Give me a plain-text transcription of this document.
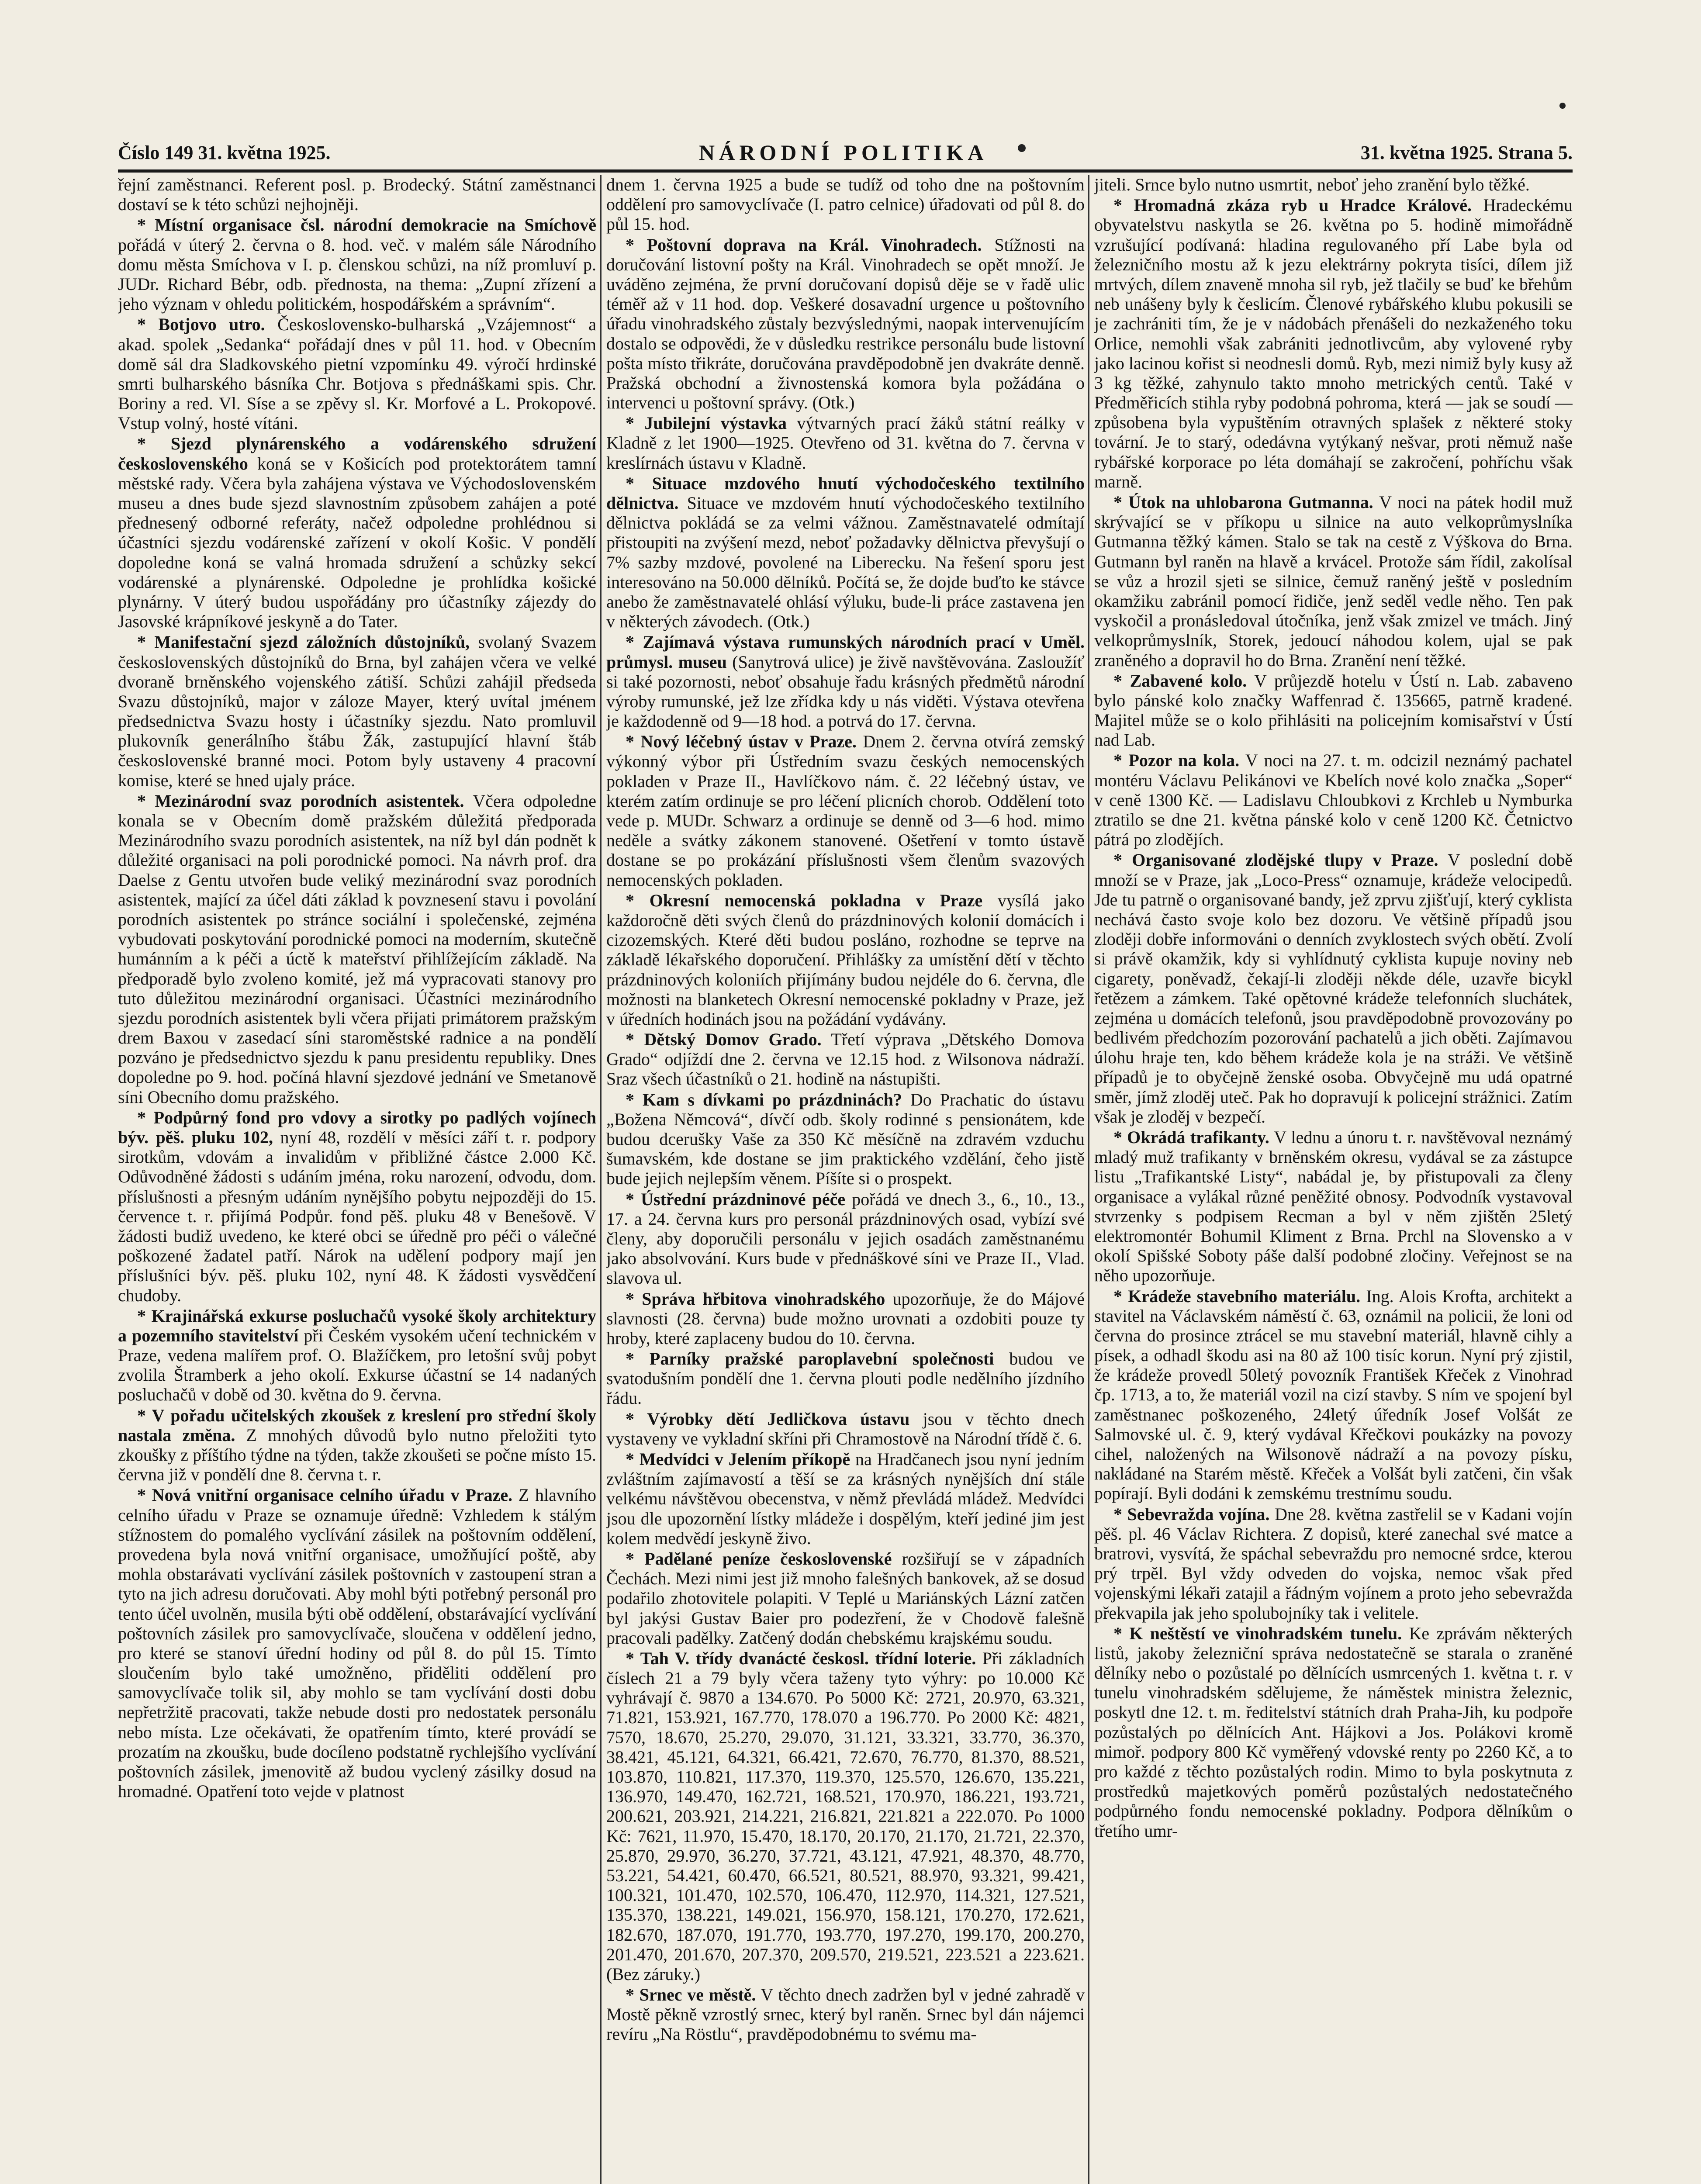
Číslo 149 31. května 1925.	NÁRODNÍ POLITIKA	31. května 1925. Strana 5.

řejní zaměstnanci. Referent posl. p. Brodecký. Státní zaměstnanci dostaví se k této schůzi nejhojněji.

* Místní organisace čsl. národní demokracie na Smíchově pořádá v úterý 2. června o 8. hod. več. v malém sále Národního domu města Smíchova v I. p. členskou schůzi, na níž promluví p. JUDr. Richard Bébr, odb. přednosta, na thema: „Zupní zřízení a jeho význam v ohledu politickém, hospodářském a správním“.

* Botjovo utro. Československo-bulharská „Vzájemnost“ a akad. spolek „Sedanka“ pořádají dnes v půl 11. hod. v Obecním domě sál dra Sladkovského pietní vzpomínku 49. výročí hrdinské smrti bulharského básníka Chr. Botjova s přednáškami spis. Chr. Boriny a red. Vl. Sísе a se zpěvy sl. Kr. Morfové a L. Prokopové. Vstup volný, hosté vítáni.

* Sjezd plynárenského a vodárenského sdružení československého koná se v Košicích pod protektorátem tamní městské rady. Včera byla zahájena výstava ve Východoslovenském museu a dnes bude sjezd slavnostním způsobem zahájen a poté přednesený odborné referáty, načež odpoledne prohlédnou si účastníci sjezdu vodárenské zařízení v okolí Košic. V pondělí dopoledne koná se valná hromada sdružení a schůzky sekcí vodárenské a plynárenské. Odpoledne je prohlídka košické plynárny. V úterý budou uspořádány pro účastníky zájezdy do Jasovské krápníkové jeskyně a do Tater.

* Manifestační sjezd záložních důstojníků, svolaný Svazem československých důstojníků do Brna, byl zahájen včera ve velké dvoraně brněnského vojenského zátiší. Schůzi zahájil předseda Svazu důstojníků, major v záloze Mayer, který uvítal jménem předsednictva Svazu hosty i účastníky sjezdu. Nato promluvil plukovník generálního štábu Žák, zastupující hlavní štáb československé branné moci. Potom byly ustaveny 4 pracovní komise, které se hned ujaly práce.

* Mezinárodní svaz porodních asistentek. Včera odpoledne konala se v Obecním domě pražském důležitá předporada Mezinárodního svazu porodních asistentek, na níž byl dán podnět k důležité organisaci na poli porodnické pomoci. Na návrh prof. dra Daelse z Gentu utvořen bude veliký mezinárodní svaz porodních asistentek, mající za účel dáti základ k povznesení stavu i povolání porodních asistentek po stránce sociální i společenské, zejména vybudovati poskytování porodnické pomoci na moderním, skutečně humánním a k péči a úctě k mateřství přihlížejícím základě. Na předporadě bylo zvoleno komité, jež má vypracovati stanovy pro tuto důležitou mezinárodní organisaci. Účastníci mezinárodního sjezdu porodních asistentek byli včera přijati primátorem pražským drem Baxou v zasedací síni staroměstské radnice a na pondělí pozváno je předsednictvo sjezdu k panu presidentu republiky. Dnes dopoledne po 9. hod. počíná hlavní sjezdové jednání ve Smetanově síni Obecního domu pražského.

* Podpůrný fond pro vdovy a sirotky po padlých vojínech býv. pěš. pluku 102, nyní 48, rozdělí v měsíci září t. r. podpory sirotkům, vdovám a invalidům v přibližné částce 2.000 Kč. Odůvodněné žádosti s udáním jména, roku narození, odvodu, dom. příslušnosti a přesným udáním nynějšího pobytu nejpozději do 15. července t. r. přijímá Podpůr. fond pěš. pluku 48 v Benešově. V žádosti budiž uvedeno, ke které obci se úředně pro péči o válečné poškozené žadatel patří. Nárok na udělení podpory mají jen příslušníci býv. pěš. pluku 102, nyní 48. K žádosti vysvědčení chudoby.

* Krajinářská exkurse posluchačů vysoké školy architektury a pozemního stavitelství při Českém vysokém učení technickém v Praze, vedena malířem prof. O. Blažíčkem, pro letošní svůj pobyt zvolila Štramberk a jeho okolí. Exkurse účastní se 14 nadaných posluchačů v době od 30. května do 9. června.

* V pořadu učitelských zkoušek z kreslení pro střední školy nastala změna. Z mnohých důvodů bylo nutno přeložiti tyto zkoušky z příštího týdne na týden, takže zkoušeti se počne místo 15. června již v pondělí dne 8. června t. r.

* Nová vnitřní organisace celního úřadu v Praze. Z hlavního celního úřadu v Praze se oznamuje úředně: Vzhledem k stálým stížnostem do pomalého vyclívání zásilek na poštovním oddělení, provedena byla nová vnitřní organisace, umožňující poště, aby mohla obstarávati vyclívání zásilek poštovních v zastoupení stran a tyto na jich adresu doručovati. Aby mohl býti potřebný personál pro tento účel uvolněn, musila býti obě oddělení, obstarávající vyclívání poštovních zásilek pro samovyclívače, sloučena v oddělení jedno, pro které se stanoví úřední hodiny od půl 8. do půl 15. Tímto sloučením bylo také umožněno, přiděliti oddělení pro samovyclívače tolik sil, aby mohlo se tam vyclívání dosti dobu nepřetržitě pracovati, takže nebude dosti pro nedostatek personálu nebo místa. Lze očekávati, že opatřením tímto, které provádí se prozatím na zkoušku, bude docíleno podstatně rychlejšího vyclívání poštovních zásilek, jmenovitě až budou vyclený zásilky dosud na hromadné. Opatření toto vejde v platnost

dnem 1. června 1925 a bude se tudíž od toho dne na poštovním oddělení pro samovyclívače (I. patro celnice) úřadovati od půl 8. do půl 15. hod.

* Poštovní doprava na Král. Vinohradech. Stížnosti na doručování listovní pošty na Král. Vinohradech se opět množí. Je uváděno zejména, že první doručovaní dopisů děje se v řadě ulic téměř až v 11 hod. dop. Veškeré dosavadní urgence u poštovního úřadu vinohradského zůstaly bezvýslednými, naopak intervenujícím dostalo se odpovědi, že v důsledku restrikce personálu bude listovní pošta místo třikráte, doručována pravděpodobně jen dvakráte denně. Pražská obchodní a živnostenská komora byla požádána o intervenci u poštovní správy. (Otk.)

* Jubilejní výstavka výtvarných prací žáků státní reálky v Kladně z let 1900—1925. Otevřeno od 31. května do 7. června v kreslírnách ústavu v Kladně.

* Situace mzdového hnutí východočeského textilního dělnictva. Situace ve mzdovém hnutí východočeského textilního dělnictva pokládá se za velmi vážnou. Zaměstnavatelé odmítají přistoupiti na zvýšení mezd, neboť požadavky dělnictva převyšují o 7% sazby mzdové, povolené na Liberecku. Na řešení sporu jest interesováno na 50.000 dělníků. Počítá se, že dojde buďto ke stávce anebo že zaměstnavatelé ohlásí výluku, bude-li práce zastavena jen v některých závodech. (Otk.)

* Zajímavá výstava rumunských národních prací v Uměl. průmysl. museu (Sanytrová ulice) je živě navštěvována. Zasloužíť si také pozornosti, neboť obsahuje řadu krásných předmětů národní výroby rumunské, jež lze zřídka kdy u nás viděti. Výstava otevřena je každodenně od 9—18 hod. a potrvá do 17. června.

* Nový léčebný ústav v Praze. Dnem 2. června otvírá zemský výkonný výbor při Ústředním svazu českých nemocenských pokladen v Praze II., Havlíčkovo nám. č. 22 léčebný ústav, ve kterém zatím ordinuje se pro léčení plicních chorob. Oddělení toto vede p. MUDr. Schwarz a ordinuje se denně od 3—6 hod. mimo neděle a svátky zákonem stanovené. Ošetření v tomto ústavě dostane se po prokázání příslušnosti všem členům svazových nemocenských pokladen.

* Okresní nemocenská pokladna v Praze vysílá jako každoročně děti svých členů do prázdninových kolonií domácích i cizozemských. Které děti budou posláno, rozhodne se teprve na základě lékařského doporučení. Přihlášky za umístění dětí v těchto prázdninových koloniích přijímány budou nejdéle do 6. června, dle možnosti na blanketech Okresní nemocenské pokladny v Praze, jež v úředních hodinách jsou na požádání vydávány.

* Dětský Domov Grado. Třetí výprava „Dětského Domova Grado“ odjíždí dne 2. června ve 12.15 hod. z Wilsonova nádraží. Sraz všech účastníků o 21. hodině na nástupišti.

* Kam s dívkami po prázdninách? Do Prachatic do ústavu „Božena Němcová“, dívčí odb. školy rodinné s pensionátem, kde budou dcerušky Vaše za 350 Kč měsíčně na zdravém vzduchu šumavském, kde dostane se jim praktického vzdělání, čeho jistě bude jejich nejlepším věnem. Píšíte si o prospekt.

* Ústřední prázdninové péče pořádá ve dnech 3., 6., 10., 13., 17. a 24. června kurs pro personál prázdninových osad, vybízí své členy, aby doporučili personálu v jejich osadách zaměstnanému jako absolvování. Kurs bude v přednáškové síni ve Praze II., Vlad. slavova ul.

* Správa hřbitova vinohradského upozorňuje, že do Májové slavnosti (28. června) bude možno urovnati a ozdobiti pouze ty hroby, které zaplaceny budou do 10. června.

* Parníky pražské paroplavební společnosti budou ve svatodušním pondělí dne 1. června plouti podle nedělního jízdního řádu.

* Výrobky dětí Jedličkova ústavu jsou v těchto dnech vystaveny ve vykladní skříni při Chramostově na Národní třídě č. 6.

* Medvídci v Jelením příkopě na Hradčanech jsou nyní jedním zvláštním zajímavostí a těší se za krásných nynějších dní stále velkému návštěvou obecenstva, v němž převládá mládež. Medvídci jsou dle upozornění lístky mládeže i dospělým, kteří jediné jim jest kolem medvědí jeskyně živo.

* Padělané peníze československé rozšiřují se v západních Čechách. Mezi nimi jest již mnoho falešných bankovek, až se dosud podařilo zhotovitele polapiti. V Teplé u Mariánských Lázní zatčen byl jakýsi Gustav Baier pro podezření, že v Chodově falešně pracovali padělky. Zatčený dodán chebskému krajskému soudu.

* Tah V. třídy dvanácté českosl. třídní loterie. Při základních číslech 21 a 79 byly včera taženy tyto výhry: po 10.000 Kč vyhrávají č. 9870 a 134.670. Po 5000 Kč: 2721, 20.970, 63.321, 71.821, 153.921, 167.770, 178.070 a 196.770. Po 2000 Kč: 4821, 7570, 18.670, 25.270, 29.070, 31.121, 33.321, 33.770, 36.370, 38.421, 45.121, 64.321, 66.421, 72.670, 76.770, 81.370, 88.521, 103.870, 110.821, 117.370, 119.370, 125.570, 126.670, 135.221, 136.970, 149.470, 162.721, 168.521, 170.970, 186.221, 193.721, 200.621, 203.921, 214.221, 216.821, 221.821 a 222.070. Po 1000 Kč: 7621, 11.970, 15.470, 18.170, 20.170, 21.170, 21.721, 22.370, 25.870, 29.970, 36.270, 37.721, 43.121, 47.921, 48.370, 48.770, 53.221, 54.421, 60.470, 66.521, 80.521, 88.970, 93.321, 99.421, 100.321, 101.470, 102.570, 106.470, 112.970, 114.321, 127.521, 135.370, 138.221, 149.021, 156.970, 158.121, 170.270, 172.621, 182.670, 187.070, 191.770, 193.770, 197.270, 199.170, 200.270, 201.470, 201.670, 207.370, 209.570, 219.521, 223.521 a 223.621. (Bez záruky.)

* Srnec ve městě. V těchto dnech zadržen byl v jedné zahradě v Mostě pěkně vzrostlý srnec, který byl raněn. Srnec byl dán nájemci revíru „Na Röstlu“, pravděpodobnému to svému ma-

jiteli. Srnce bylo nutno usmrtit, neboť jeho zranění bylo těžké.

* Hromadná zkáza ryb u Hradce Králové. Hradeckému obyvatelstvu naskytla se 26. května po 5. hodině mimořádně vzrušující podívaná: hladina regulovaného pří Labe byla od železničního mostu až k jezu elektrárny pokryta tisíci, dílem již mrtvých, dílem znaveně mnoha sil ryb, jež tlačily se buď ke břehům neb unášeny byly k česlicím. Členové rybářského klubu pokusili se je zachrániti tím, že je v nádobách přenášeli do nezkaženého toku Orlice, nemohli však zabrániti jednotlivcům, aby vylovené ryby jako lacinou kořist si neodnesli domů. Ryb, mezi nimiž byly kusy až 3 kg těžké, zahynulo takto mnoho metrických centů. Také v Předměřicích stihla ryby podobná pohroma, která — jak se soudí — způsobena byla vypuštěním otravných splašek z některé stoky tovární. Je to starý, odedávna vytýkaný nešvar, proti němuž naše rybářské korporace po léta domáhají se zakročení, pohříchu však marně.

* Útok na uhlobarona Gutmanna. V noci na pátek hodil muž skrývající se v příkopu u silnice na auto velkoprůmyslníka Gutmanna těžký kámen. Stalo se tak na cestě z Výškova do Brna. Gutmann byl raněn na hlavě a krvácel. Protože sám řídil, zakolísal se vůz a hrozil sjeti se silnice, čemuž raněný ještě v posledním okamžiku zabránil pomocí řidiče, jenž seděl vedle něho. Ten pak vyskočil a pronásledoval útočníka, jenž však zmizel ve tmách. Jiný velkoprůmyslník, Storek, jedoucí náhodou kolem, ujal se pak zraněného a dopravil ho do Brna. Zranění není těžké.

* Zabavené kolo. V průjezdě hotelu v Ústí n. Lab. zabaveno bylo pánské kolo značky Waffenrad č. 135665, patrně kradené. Majitel může se o kolo přihlásiti na policejním komisařství v Ústí nad Lab.

* Pozor na kola. V noci na 27. t. m. odcizil neznámý pachatel montéru Václavu Pelikánovi ve Kbelích nové kolo značka „Soper“ v ceně 1300 Kč. — Ladislavu Chloubkovi z Krchleb u Nymburka ztratilo se dne 21. května pánské kolo v ceně 1200 Kč. Četnictvo pátrá po zlodějích.

* Organisované zlodějské tlupy v Praze. V poslední době množí se v Praze, jak „Loco-Press“ oznamuje, krádeže velocipedů. Jde tu patrně o organisované bandy, jež zprvu zjišťují, který cyklista nechává často svoje kolo bez dozoru. Ve většině případů jsou zloději dobře informováni o denních zvyklostech svých obětí. Zvolí si právě okamžik, kdy si vyhlídnutý cyklista kupuje noviny neb cigarety, poněvadž, čekají-li zloději někde déle, uzavře bicykl řetězem a zámkem. Také opětovné krádeže telefonních sluchátek, zejména u domácích telefonů, jsou pravděpodobně provozovány po bedlivém předchozím pozorování pachatelů a jich oběti. Zajímavou úlohu hraje ten, kdo během krádeže kola je na stráži. Ve většině případů je to obyčejně ženské osoba. Obvyčejně mu udá opatrné směr, jímž zloděj uteč. Pak ho dopravují k policejní strážnici. Zatím však je zloděj v bezpečí.

* Okrádá trafikanty. V lednu a únoru t. r. navštěvoval neznámý mladý muž trafikanty v brněnském okresu, vydával se za zástupce listu „Trafikantské Listy“, nabádal je, by přistupovali za členy organisace a vylákal různé peněžité obnosy. Podvodník vystavoval stvrzenky s podpisem Recman a byl v něm zjištěn 25letý elektromontér Bohumil Kliment z Brna. Prchl na Slovensko a v okolí Spišské Soboty páše další podobné zločiny. Veřejnost se na něho upozorňuje.

* Krádeže stavebního materiálu. Ing. Alois Krofta, architekt a stavitel na Václavském náměstí č. 63, oznámil na policii, že loni od června do prosince ztrácel se mu stavební materiál, hlavně cihly a písek, a odhadl škodu asi na 80 až 100 tisíc korun. Nyní prý zjistil, že krádeže provedl 50letý povozník František Křeček z Vinohrad čp. 1713, a to, že materiál vozil na cizí stavby. S ním ve spojení byl zaměstnanec poškozeného, 24letý úředník Josef Volšát ze Salmovské ul. č. 9, který vydával Křečkovi poukázky na povozy cihel, naložených na Wilsonově nádraží a na povozy písku, nakládané na Starém městě. Křeček a Volšát byli zatčeni, čin však popírají. Byli dodáni k zemskému trestnímu soudu.

* Sebevražda vojína. Dne 28. května zastřelil se v Kadani vojín pěš. pl. 46 Václav Richtera. Z dopisů, které zanechal své matce a bratrovi, vysvítá, že spáchal sebevraždu pro nemocné srdce, kterou prý trpěl. Byl vždy odveden do vojska, nemoc však před vojenskými lékaři zatajil a řádným vojínem a proto jeho sebevražda překvapila jak jeho spolubojníky tak i velitele.

* K neštěstí ve vinohradském tunelu. Ke zprávám některých listů, jakoby železniční správa nedostatečně se starala o zraněné dělníky nebo o pozůstalé po dělnících usmrcených 1. května t. r. v tunelu vinohradském sdělujeme, že náměstek ministra železnic, poskytl dne 12. t. m. ředitelství státních drah Praha-Jih, ku podpoře pozůstalých po dělnících Ant. Hájkovi a Jos. Polákovi kromě mimoř. podpory 800 Kč vyměřený vdovské renty po 2260 Kč, a to pro každé z těchto pozůstalých rodin. Mimo to byla poskytnuta z prostředků majetkových poměrů pozůstalých nedostatečného podpůrného fondu nemocenské pokladny. Podpora dělníkům o třetího umr-
